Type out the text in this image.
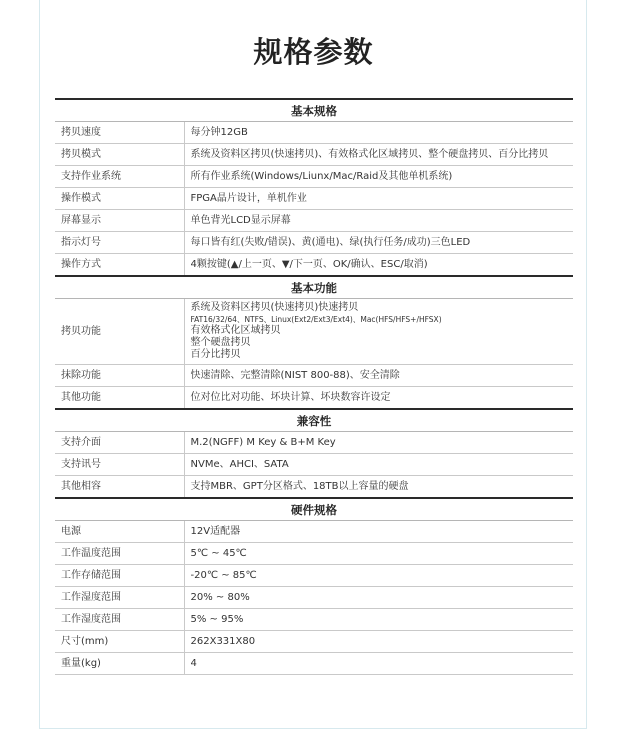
规格参数
基本规格	
拷贝速度	每分钟12GB
拷贝模式	系统及资料区拷贝(快速拷贝)、有效格式化区域拷贝、整个硬盘拷贝、百分比拷贝
支持作业系统	所有作业系统(Windows/Liunx/Mac/Raid及其他单机系统)
操作模式	FPGA晶片设计，单机作业
屏幕显示	单色背光LCD显示屏幕
指示灯号	每口皆有红(失败/错误)、黄(通电)、绿(执行任务/成功)三色LED
操作方式	4颗按键(▲/上一页、▼/下一页、OK/确认、ESC/取消)
基本功能	
拷贝功能	系统及资料区拷贝(快速拷贝)快速拷贝
FAT16/32/64、NTFS、Linux(Ext2/Ext3/Ext4)、Mac(HFS/HFS+/HFSX)
有效格式化区域拷贝
整个硬盘拷贝
百分比拷贝

抹除功能	快速清除、完整清除(NIST 800-88)、安全清除
其他功能	位对位比对功能、坏块计算、坏块数容许设定
兼容性	
支持介面	M.2(NGFF) M Key & B+M Key
支持讯号	NVMe、AHCI、SATA
其他相容	支持MBR、GPT分区格式、18TB以上容量的硬盘
硬件规格	
电源	12V适配器
工作温度范围	5℃ ~ 45℃
工作存储范围	-20℃ ~ 85℃
工作湿度范围	20% ~ 80%
工作湿度范围	5% ~ 95%
尺寸(mm)	262X331X80
重量(kg)	4
